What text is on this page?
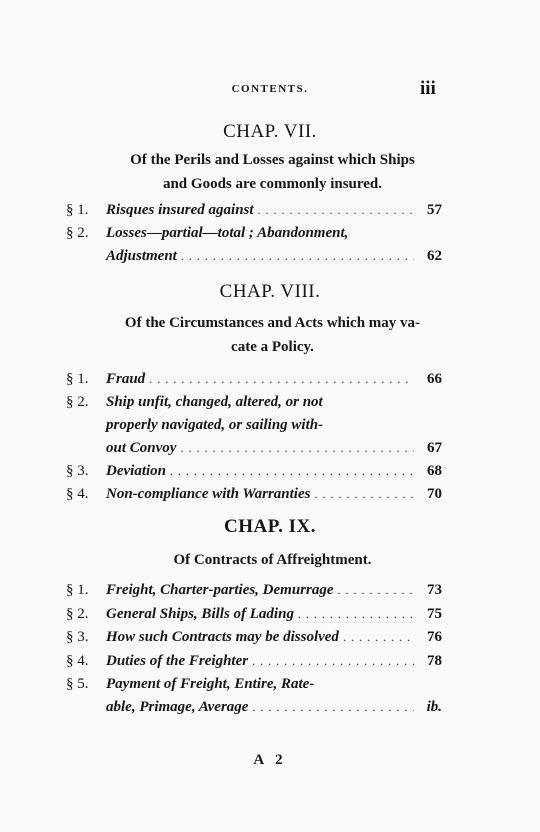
CONTENTS.	iii
CHAP. VII.
Of the Perils and Losses against which Ships
and Goods are commonly insured.
§ 1.	Risques insured against . . .	57
§ 2.	Losses—partial—total ; Abandonment,
Adjustment . . .	62
CHAP. VIII.
Of the Circumstances and Acts which may va-
cate a Policy.
§ 1.	Fraud . . .	66
§ 2.	Ship unfit, changed, altered, or not
properly navigated, or sailing with-
out Convoy . . .	67
§ 3.	Deviation . . .	68
§ 4.	Non-compliance with Warranties . . .	70
CHAP. IX.
Of Contracts of Affreightment.
§ 1.	Freight, Charter-parties, Demurrage . . .	73
§ 2.	General Ships, Bills of Lading . . .	75
§ 3.	How such Contracts may be dissolved . . .	76
§ 4.	Duties of the Freighter . . .	78
§ 5.	Payment of Freight, Entire, Rate-
able, Primage, Average . . .	ib.
A 2
